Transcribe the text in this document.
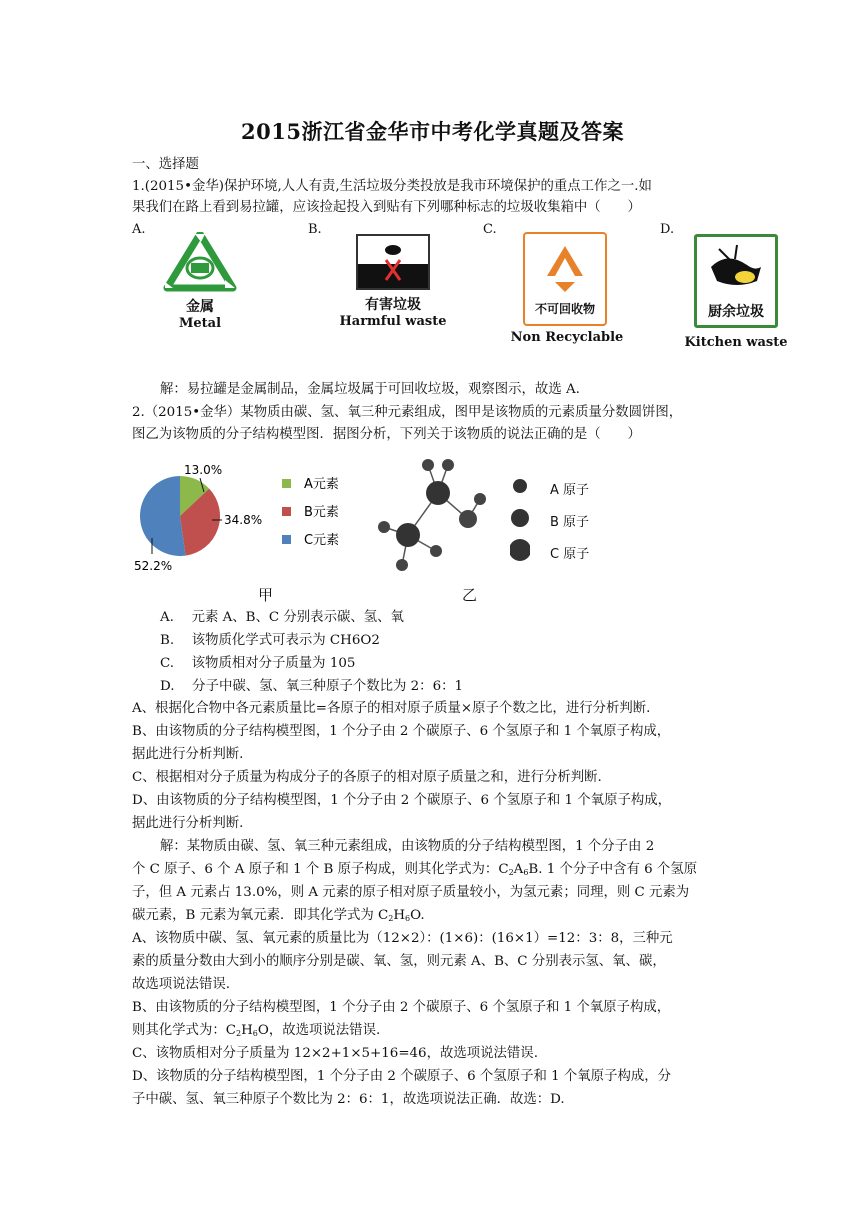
2015浙江省金华市中考化学真题及答案
一、选择题
1.(2015•金华)保护环境,人人有责,生活垃圾分类投放是我市环境保护的重点工作之一.如
果我们在路上看到易拉罐，应该捡起投入到贴有下列哪种标志的垃圾收集箱中（　　）
A.	B.	C.	D.
金属
Metal
有害垃圾
Harmful waste
不可回收物
Non Recyclable
厨余垃圾
Kitchen waste
解：易拉罐是金属制品，金属垃圾属于可回收垃圾，观察图示，故选 A.
2.（2015•金华）某物质由碳、氢、氧三种元素组成，图甲是该物质的元素质量分数圆饼图，
图乙为该物质的分子结构模型图．据图分析，下列关于该物质的说法正确的是（　　）
13.0%
34.8%
52.2%
A元素
B元素
C元素
甲	乙
A 原子
B 原子
C 原子
A.　 元素 A、B、C 分别表示碳、氢、氧
B.　 该物质化学式可表示为 CH6O2
C.　 该物质相对分子质量为 105
D.　 分子中碳、氢、氧三种原子个数比为 2：6：1
A、根据化合物中各元素质量比=各原子的相对原子质量×原子个数之比，进行分析判断.
B、由该物质的分子结构模型图，1 个分子由 2 个碳原子、6 个氢原子和 1 个氧原子构成，
据此进行分析判断.
C、根据相对分子质量为构成分子的各原子的相对原子质量之和，进行分析判断.
D、由该物质的分子结构模型图，1 个分子由 2 个碳原子、6 个氢原子和 1 个氧原子构成，
据此进行分析判断.
解：某物质由碳、氢、氧三种元素组成，由该物质的分子结构模型图，1 个分子由 2
个 C 原子、6 个 A 原子和 1 个 B 原子构成，则其化学式为：$C_2A_6B$. 1 个分子中含有 6 个氢原
子，但 A 元素占 13.0%，则 A 元素的原子相对原子质量较小，为氢元素；同理，则 C 元素为
碳元素，B 元素为氧元素．即其化学式为 $C_2H_6O$.
A、该物质中碳、氢、氧元素的质量比为（12×2）：(1×6)：(16×1）=12：3：8，三种元
素的质量分数由大到小的顺序分别是碳、氧、氢，则元素 A、B、C 分别表示氢、氧、碳，
故选项说法错误.
B、由该物质的分子结构模型图，1 个分子由 2 个碳原子、6 个氢原子和 1 个氧原子构成，
则其化学式为：$C_2H_6O$，故选项说法错误.
C、该物质相对分子质量为 12×2+1×5+16=46，故选项说法错误.
D、该物质的分子结构模型图，1 个分子由 2 个碳原子、6 个氢原子和 1 个氧原子构成，分
子中碳、氢、氧三种原子个数比为 2：6：1，故选项说法正确．故选：D.
